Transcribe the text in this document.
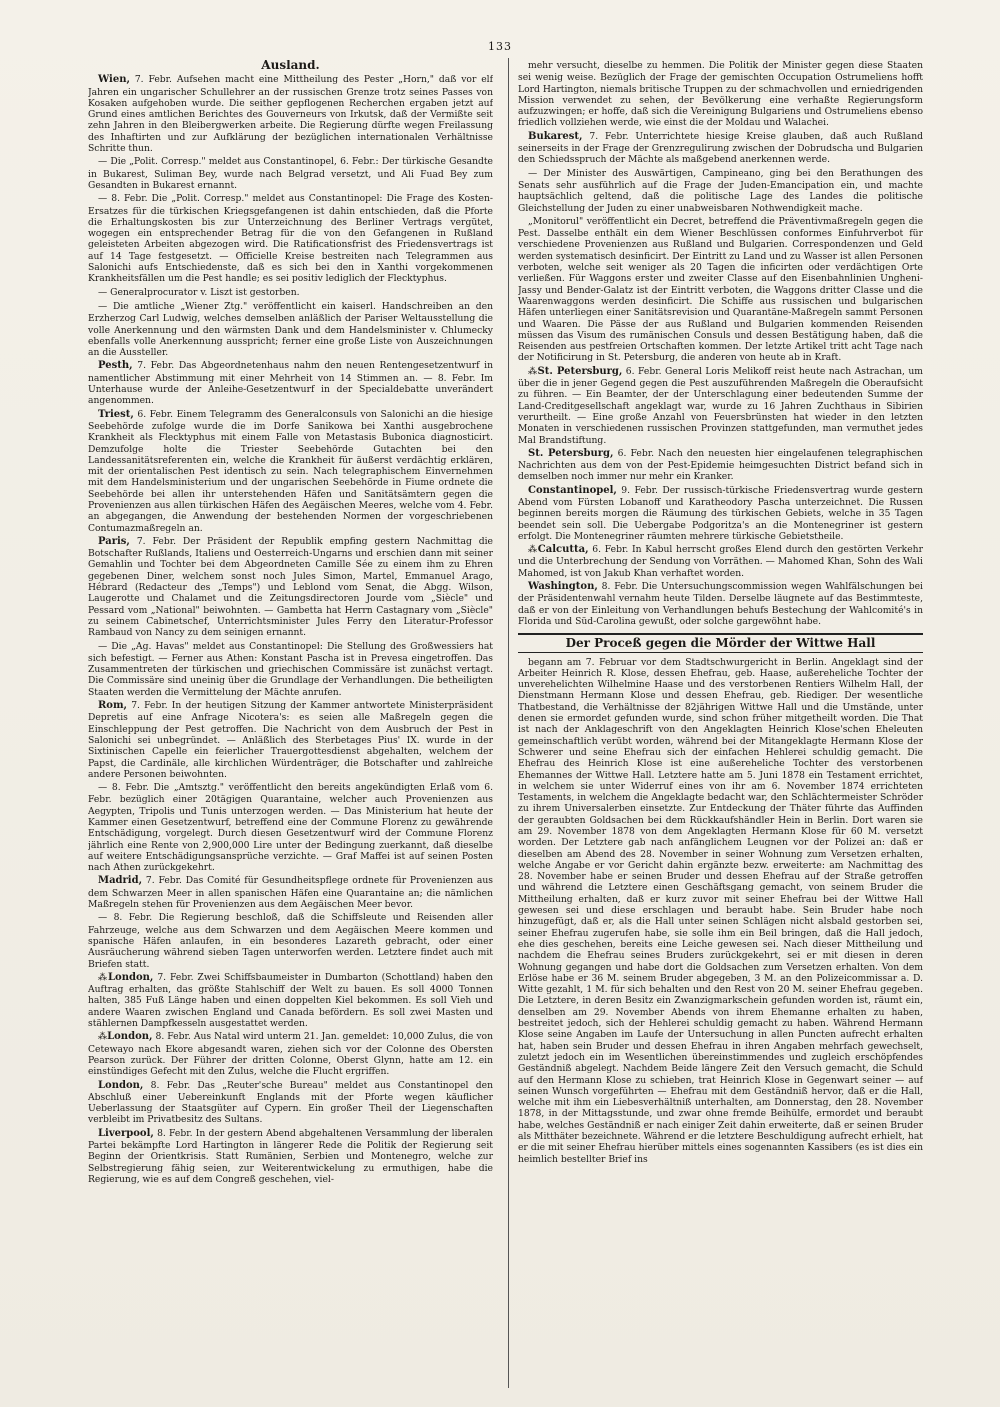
133
Ausland.

Wien, 7. Febr. Aufsehen macht eine Mittheilung des Pester „Horn," daß vor elf Jahren ein ungarischer Schullehrer an der russischen Grenze trotz seines Passes von Kosaken aufgehoben wurde. Die seither gepflogenen Recherchen ergaben jetzt auf Grund eines amtlichen Berichtes des Gouverneurs von Irkutsk, daß der Vermißte seit zehn Jahren in den Bleibergwerken arbeite. Die Regierung dürfte wegen Freilassung des Inhaftirten und zur Aufklärung der bezüglichen internationalen Verhältnisse Schritte thun.

— Die „Polit. Corresp." meldet aus Constantinopel, 6. Febr.: Der türkische Gesandte in Bukarest, Suliman Bey, wurde nach Belgrad versetzt, und Ali Fuad Bey zum Gesandten in Bukarest ernannt.

— 8. Febr. Die „Polit. Corresp." meldet aus Constantinopel: Die Frage des Kosten-Ersatzes für die türkischen Kriegsgefangenen ist dahin entschieden, daß die Pforte die Erhaltungskosten bis zur Unterzeichnung des Berliner Vertrags vergütet, wogegen ein entsprechender Betrag für die von den Gefangenen in Rußland geleisteten Arbeiten abgezogen wird. Die Ratificationsfrist des Friedensvertrags ist auf 14 Tage festgesetzt. — Officielle Kreise bestreiten nach Telegrammen aus Salonichi aufs Entschiedenste, daß es sich bei den in Xanthi vorgekommenen Krankheitsfällen um die Pest handle; es sei positiv lediglich der Flecktyphus.

— Generalprocurator v. Liszt ist gestorben.

— Die amtliche „Wiener Ztg." veröffentlicht ein kaiserl. Handschreiben an den Erzherzog Carl Ludwig, welches demselben anläßlich der Pariser Weltausstellung die volle Anerkennung und den wärmsten Dank und dem Handelsminister v. Chlumecky ebenfalls volle Anerkennung ausspricht; ferner eine große Liste von Auszeichnungen an die Aussteller.

Pesth, 7. Febr. Das Abgeordnetenhaus nahm den neuen Rentengesetzentwurf in namentlicher Abstimmung mit einer Mehrheit von 14 Stimmen an. — 8. Febr. Im Unterhause wurde der Anleihe-Gesetzentwurf in der Specialdebatte unverändert angenommen.

Triest, 6. Febr. Einem Telegramm des Generalconsuls von Salonichi an die hiesige Seebehörde zufolge wurde die im Dorfe Sanikowa bei Xanthi ausgebrochene Krankheit als Flecktyphus mit einem Falle von Metastasis Bubonica diagnosticirt. Demzufolge holte die Triester Seebehörde Gutachten bei den Landessanitätsreferenten ein, welche die Krankheit für äußerst verdächtig erklären, mit der orientalischen Pest identisch zu sein. Nach telegraphischem Einvernehmen mit dem Handelsministerium und der ungarischen Seebehörde in Fiume ordnete die Seebehörde bei allen ihr unterstehenden Häfen und Sanitätsämtern gegen die Provenienzen aus allen türkischen Häfen des Aegäischen Meeres, welche vom 4. Febr. an abgegangen, die Anwendung der bestehenden Normen der vorgeschriebenen Contumazmaßregeln an.

Paris, 7. Febr. Der Präsident der Republik empfing gestern Nachmittag die Botschafter Rußlands, Italiens und Oesterreich-Ungarns und erschien dann mit seiner Gemahlin und Tochter bei dem Abgeordneten Camille Sée zu einem ihm zu Ehren gegebenen Diner, welchem sonst noch Jules Simon, Martel, Emmanuel Arago, Hébrard (Redacteur des „Temps") und Leblond vom Senat, die Abgg. Wilson, Laugerotte und Chalamet und die Zeitungsdirectoren Jourde vom „Siècle" und Pessard vom „National" beiwohnten. — Gambetta hat Herrn Castagnary vom „Siècle" zu seinem Cabinetschef, Unterrichtsminister Jules Ferry den Literatur-Professor Rambaud von Nancy zu dem seinigen ernannt.

— Die „Ag. Havas" meldet aus Constantinopel: Die Stellung des Großwessiers hat sich befestigt. — Ferner aus Athen: Konstant Pascha ist in Prevesa eingetroffen. Das Zusammentreten der türkischen und griechischen Commissäre ist zunächst vertagt. Die Commissäre sind uneinig über die Grundlage der Verhandlungen. Die betheiligten Staaten werden die Vermittelung der Mächte anrufen.

Rom, 7. Febr. In der heutigen Sitzung der Kammer antwortete Ministerpräsident Depretis auf eine Anfrage Nicotera's: es seien alle Maßregeln gegen die Einschleppung der Pest getroffen. Die Nachricht von dem Ausbruch der Pest in Salonichi sei unbegründet. — Anläßlich des Sterbetages Pius' IX. wurde in der Sixtinischen Capelle ein feierlicher Trauergottesdienst abgehalten, welchem der Papst, die Cardinäle, alle kirchlichen Würdenträger, die Botschafter und zahlreiche andere Personen beiwohnten.

— 8. Febr. Die „Amtsztg." veröffentlicht den bereits angekündigten Erlaß vom 6. Febr. bezüglich einer 20tägigen Quarantaine, welcher auch Provenienzen aus Aegypten, Tripolis und Tunis unterzogen werden. — Das Ministerium hat heute der Kammer einen Gesetzentwurf, betreffend eine der Commune Florenz zu gewährende Entschädigung, vorgelegt. Durch diesen Gesetzentwurf wird der Commune Florenz jährlich eine Rente von 2,900,000 Lire unter der Bedingung zuerkannt, daß dieselbe auf weitere Entschädigungsansprüche verzichte. — Graf Maffei ist auf seinen Posten nach Athen zurückgekehrt.

Madrid, 7. Febr. Das Comité für Gesundheitspflege ordnete für Provenienzen aus dem Schwarzen Meer in allen spanischen Häfen eine Quarantaine an; die nämlichen Maßregeln stehen für Provenienzen aus dem Aegäischen Meer bevor.

— 8. Febr. Die Regierung beschloß, daß die Schiffsleute und Reisenden aller Fahrzeuge, welche aus dem Schwarzen und dem Aegäischen Meere kommen und spanische Häfen anlaufen, in ein besonderes Lazareth gebracht, oder einer Ausräucherung während sieben Tagen unterworfen werden. Letztere findet auch mit Briefen statt.

⁂London, 7. Febr. Zwei Schiffsbaumeister in Dumbarton (Schottland) haben den Auftrag erhalten, das größte Stahlschiff der Welt zu bauen. Es soll 4000 Tonnen halten, 385 Fuß Länge haben und einen doppelten Kiel bekommen. Es soll Vieh und andere Waaren zwischen England und Canada befördern. Es soll zwei Masten und stählernen Dampfkesseln ausgestattet werden.

⁂London, 8. Febr. Aus Natal wird unterm 21. Jan. gemeldet: 10,000 Zulus, die von Cetewayo nach Ekore abgesandt waren, ziehen sich vor der Colonne des Obersten Pearson zurück. Der Führer der dritten Colonne, Oberst Glynn, hatte am 12. ein einstündiges Gefecht mit den Zulus, welche die Flucht ergriffen.

London, 8. Febr. Das „Reuter'sche Bureau" meldet aus Constantinopel den Abschluß einer Uebereinkunft Englands mit der Pforte wegen käuflicher Ueberlassung der Staatsgüter auf Cypern. Ein großer Theil der Liegenschaften verbleibt im Privatbesitz des Sultans.

Liverpool, 8. Febr. In der gestern Abend abgehaltenen Versammlung der liberalen Partei bekämpfte Lord Hartington in längerer Rede die Politik der Regierung seit Beginn der Orientkrisis. Statt Rumänien, Serbien und Montenegro, welche zur Selbstregierung fähig seien, zur Weiterentwickelung zu ermuthigen, habe die Regierung, wie es auf dem Congreß geschehen, viel-

mehr versucht, dieselbe zu hemmen. Die Politik der Minister gegen diese Staaten sei wenig weise. Bezüglich der Frage der gemischten Occupation Ostrumeliens hofft Lord Hartington, niemals britische Truppen zu der schmachvollen und erniedrigenden Mission verwendet zu sehen, der Bevölkerung eine verhaßte Regierungsform aufzuzwingen; er hoffe, daß sich die Vereinigung Bulgariens und Ostrumeliens ebenso friedlich vollziehen werde, wie einst die der Moldau und Walachei.

Bukarest, 7. Febr. Unterrichtete hiesige Kreise glauben, daß auch Rußland seinerseits in der Frage der Grenzregulirung zwischen der Dobrudscha und Bulgarien den Schiedsspruch der Mächte als maßgebend anerkennen werde.

— Der Minister des Auswärtigen, Campineano, ging bei den Berathungen des Senats sehr ausführlich auf die Frage der Juden-Emancipation ein, und machte hauptsächlich geltend, daß die politische Lage des Landes die politische Gleichstellung der Juden zu einer unabweisbaren Nothwendigkeit mache.

„Monitorul" veröffentlicht ein Decret, betreffend die Präventivmaßregeln gegen die Pest. Dasselbe enthält ein dem Wiener Beschlüssen conformes Einfuhrverbot für verschiedene Provenienzen aus Rußland und Bulgarien. Correspondenzen und Geld werden systematisch desinficirt. Der Eintritt zu Land und zu Wasser ist allen Personen verboten, welche seit weniger als 20 Tagen die inficirten oder verdächtigen Orte verließen. Für Waggons erster und zweiter Classe auf den Eisenbahnlinien Ungheni-Jassy und Bender-Galatz ist der Eintritt verboten, die Waggons dritter Classe und die Waarenwaggons werden desinficirt. Die Schiffe aus russischen und bulgarischen Häfen unterliegen einer Sanitätsrevision und Quarantäne-Maßregeln sammt Personen und Waaren. Die Pässe der aus Rußland und Bulgarien kommenden Reisenden müssen das Visum des rumänischen Consuls und dessen Bestätigung haben, daß die Reisenden aus pestfreien Ortschaften kommen. Der letzte Artikel tritt acht Tage nach der Notificirung in St. Petersburg, die anderen von heute ab in Kraft.

⁂St. Petersburg, 6. Febr. General Loris Melikoff reist heute nach Astrachan, um über die in jener Gegend gegen die Pest auszuführenden Maßregeln die Oberaufsicht zu führen. — Ein Beamter, der der Unterschlagung einer bedeutenden Summe der Land-Creditgesellschaft angeklagt war, wurde zu 16 Jahren Zuchthaus in Sibirien verurtheilt. — Eine große Anzahl von Feuersbrünsten hat wieder in den letzten Monaten in verschiedenen russischen Provinzen stattgefunden, man vermuthet jedes Mal Brandstiftung.

St. Petersburg, 6. Febr. Nach den neuesten hier eingelaufenen telegraphischen Nachrichten aus dem von der Pest-Epidemie heimgesuchten District befand sich in demselben noch immer nur mehr ein Kranker.

Constantinopel, 9. Febr. Der russisch-türkische Friedensvertrag wurde gestern Abend vom Fürsten Lobanoff und Karatheodory Pascha unterzeichnet. Die Russen beginnen bereits morgen die Räumung des türkischen Gebiets, welche in 35 Tagen beendet sein soll. Die Uebergabe Podgoritza's an die Montenegriner ist gestern erfolgt. Die Montenegriner räumten mehrere türkische Gebietstheile.

⁂Calcutta, 6. Febr. In Kabul herrscht großes Elend durch den gestörten Verkehr und die Unterbrechung der Sendung von Vorräthen. — Mahomed Khan, Sohn des Wali Mahomed, ist von Jakub Khan verhaftet worden.

Washington, 8. Febr. Die Untersuchungscommission wegen Wahlfälschungen bei der Präsidentenwahl vernahm heute Tilden. Derselbe läugnete auf das Bestimmteste, daß er von der Einleitung von Verhandlungen behufs Bestechung der Wahlcomité's in Florida und Süd-Carolina gewußt, oder solche gargewöhnt habe.

Der Proceß gegen die Mörder der Wittwe Hall

begann am 7. Februar vor dem Stadtschwurgericht in Berlin. Angeklagt sind der Arbeiter Heinrich R. Klose, dessen Ehefrau, geb. Haase, außereheliche Tochter der unverehelichten Wilhelmine Haase und des verstorbenen Rentiers Wilhelm Hall, der Dienstmann Hermann Klose und dessen Ehefrau, geb. Riediger. Der wesentliche Thatbestand, die Verhältnisse der 82jährigen Wittwe Hall und die Umstände, unter denen sie ermordet gefunden wurde, sind schon früher mitgetheilt worden. Die That ist nach der Anklageschrift von den Angeklagten Heinrich Klose'schen Eheleuten gemeinschaftlich verübt worden, während bei der Mitangeklagte Hermann Klose der Schwerer und seine Ehefrau sich der einfachen Hehlerei schuldig gemacht. Die Ehefrau des Heinrich Klose ist eine außereheliche Tochter des verstorbenen Ehemannes der Wittwe Hall. Letztere hatte am 5. Juni 1878 ein Testament errichtet, in welchem sie unter Widerruf eines von ihr am 6. November 1874 errichteten Testaments, in welchem die Angeklagte bedacht war, den Schlächtermeister Schröder zu ihrem Universalerben einsetzte. Zur Entdeckung der Thäter führte das Auffinden der geraubten Goldsachen bei dem Rückkaufshändler Hein in Berlin. Dort waren sie am 29. November 1878 von dem Angeklagten Hermann Klose für 60 M. versetzt worden. Der Letztere gab nach anfänglichem Leugnen vor der Polizei an: daß er dieselben am Abend des 28. November in seiner Wohnung zum Versetzen erhalten, welche Angabe er vor Gericht dahin ergänzte bezw. erweiterte: am Nachmittag des 28. November habe er seinen Bruder und dessen Ehefrau auf der Straße getroffen und während die Letztere einen Geschäftsgang gemacht, von seinem Bruder die Mittheilung erhalten, daß er kurz zuvor mit seiner Ehefrau bei der Wittwe Hall gewesen sei und diese erschlagen und beraubt habe. Sein Bruder habe noch hinzugefügt, daß er, als die Hall unter seinen Schlägen nicht alsbald gestorben sei, seiner Ehefrau zugerufen habe, sie solle ihm ein Beil bringen, daß die Hall jedoch, ehe dies geschehen, bereits eine Leiche gewesen sei. Nach dieser Mittheilung und nachdem die Ehefrau seines Bruders zurückgekehrt, sei er mit diesen in deren Wohnung gegangen und habe dort die Goldsachen zum Versetzen erhalten. Von dem Erlöse habe er 36 M. seinem Bruder abgegeben, 3 M. an den Polizeicommissar a. D. Witte gezahlt, 1 M. für sich behalten und den Rest von 20 M. seiner Ehefrau gegeben. Die Letztere, in deren Besitz ein Zwanzigmarkschein gefunden worden ist, räumt ein, denselben am 29. November Abends von ihrem Ehemanne erhalten zu haben, bestreitet jedoch, sich der Hehlerei schuldig gemacht zu haben. Während Hermann Klose seine Angaben im Laufe der Untersuchung in allen Puncten aufrecht erhalten hat, haben sein Bruder und dessen Ehefrau in ihren Angaben mehrfach gewechselt, zuletzt jedoch ein im Wesentlichen übereinstimmendes und zugleich erschöpfendes Geständniß abgelegt. Nachdem Beide längere Zeit den Versuch gemacht, die Schuld auf den Hermann Klose zu schieben, trat Heinrich Klose in Gegenwart seiner — auf seinen Wunsch vorgeführten — Ehefrau mit dem Geständniß hervor, daß er die Hall, welche mit ihm ein Liebesverhältniß unterhalten, am Donnerstag, den 28. November 1878, in der Mittagsstunde, und zwar ohne fremde Beihülfe, ermordet und beraubt habe, welches Geständniß er nach einiger Zeit dahin erweiterte, daß er seinen Bruder als Mitthäter bezeichnete. Während er die letztere Beschuldigung aufrecht erhielt, hat er die mit seiner Ehefrau hierüber mittels eines sogenannten Kassibers (es ist dies ein heimlich bestellter Brief ins
